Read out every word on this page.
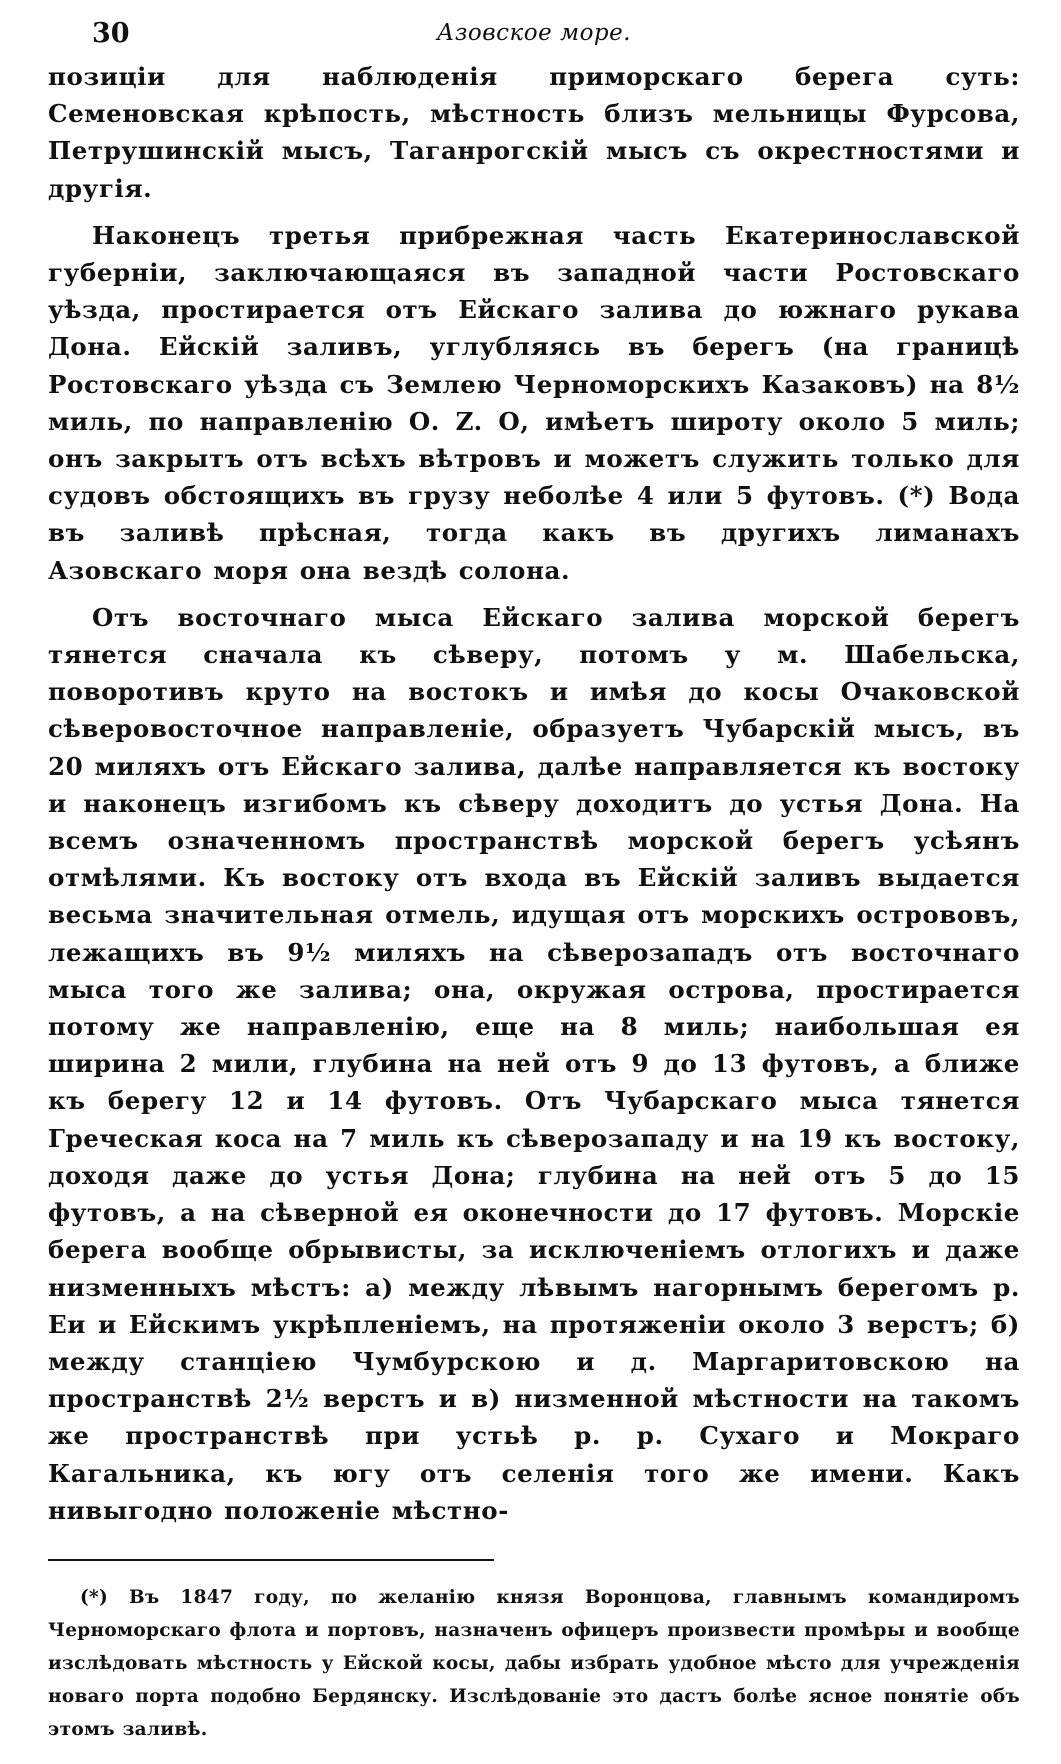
30	Азовское море.

позиціи для наблюденія приморскаго берега суть: Семеновская крѣпость, мѣстность близъ мельницы Фурсова, Петрушинскій мысъ, Таганрогскій мысъ съ окрестностями и другія.

Наконецъ третья прибрежная часть Екатеринославской губерніи, заключающаяся въ западной части Ростовскаго уѣзда, простирается отъ Ейскаго залива до южнаго рукава Дона. Ейскій заливъ, углубляясь въ берегъ (на границѣ Ростовскаго уѣзда съ Землею Черноморскихъ Казаковъ) на 8½ миль, по направленію О. Z. О, имѣетъ широту около 5 миль; онъ закрытъ отъ всѣхъ вѣтровъ и можетъ служить только для судовъ обстоящихъ въ грузу неболѣе 4 или 5 футовъ. (*) Вода въ заливѣ прѣсная, тогда какъ въ другихъ лиманахъ Азовскаго моря она вездѣ солона.

Отъ восточнаго мыса Ейскаго залива морской берегъ тянется сначала къ сѣверу, потомъ у м. Шабельска, поворотивъ круто на востокъ и имѣя до косы Очаковской сѣверовосточное направленіе, образуетъ Чубарскій мысъ, въ 20 миляхъ отъ Ейскаго залива, далѣе направляется къ востоку и наконецъ изгибомъ къ сѣверу доходитъ до устья Дона. На всемъ означенномъ пространствѣ морской берегъ усѣянъ отмѣлями. Къ востоку отъ входа въ Ейскій заливъ выдается весьма значительная отмель, идущая отъ морскихъ острововъ, лежащихъ въ 9½ миляхъ на сѣверозападъ отъ восточнаго мыса того же залива; она, окружая острова, простирается потому же направленію, еще на 8 миль; наибольшая ея ширина 2 мили, глубина на ней отъ 9 до 13 футовъ, а ближе къ берегу 12 и 14 футовъ. Отъ Чубарскаго мыса тянется Греческая коса на 7 миль къ сѣверозападу и на 19 къ востоку, доходя даже до устья Дона; глубина на ней отъ 5 до 15 футовъ, а на сѣверной ея оконечности до 17 футовъ. Морскіе берега вообще обрывисты, за исключеніемъ отлогихъ и даже низменныхъ мѣстъ: а) между лѣвымъ нагорнымъ берегомъ р. Еи и Ейскимъ укрѣпленіемъ, на протяженіи около 3 верстъ; б) между станціею Чумбурскою и д. Маргаритовскою на пространствѣ 2½ верстъ и в) низменной мѣстности на такомъ же пространствѣ при устьѣ р. р. Сухаго и Мокраго Кагальника, къ югу отъ селенія того же имени. Какъ нивыгодно положеніе мѣстно-

(*) Въ 1847 году, по желанію князя Воронцова, главнымъ командиромъ Черноморскаго флота и портовъ, назначенъ офицеръ произвести промѣры и вообще изслѣдовать мѣстность у Ейской косы, дабы избрать удобное мѣсто для учрежденія новаго порта подобно Бердянску. Изслѣдованіе это дастъ болѣе ясное понятіе объ этомъ заливѣ.
